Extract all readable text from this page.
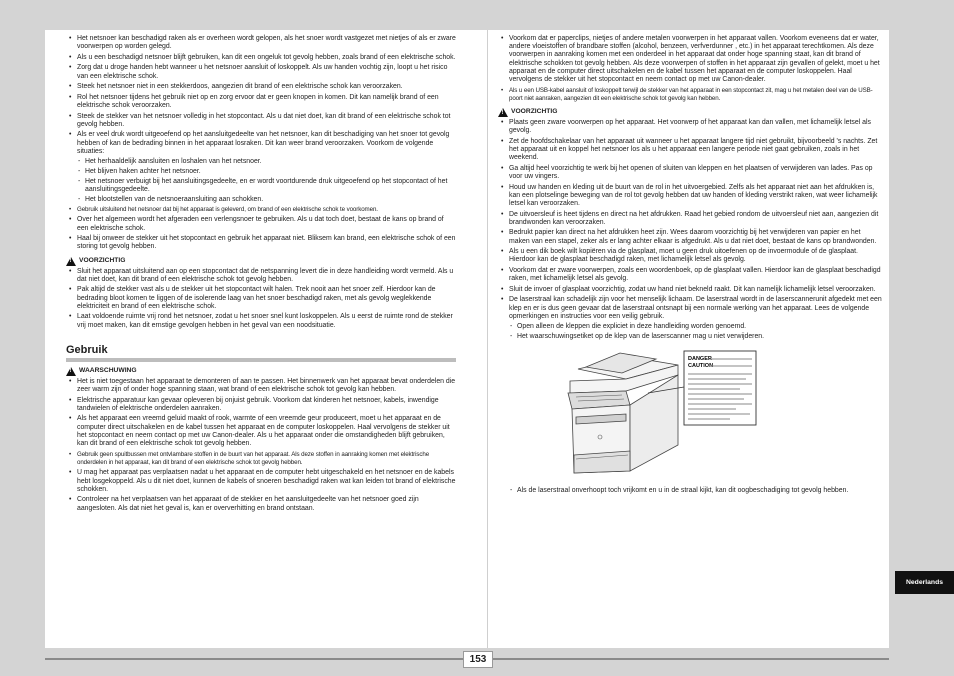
• Het netsnoer kan beschadigd raken als er overheen wordt gelopen, als het snoer wordt vastgezet met nietjes of als er zware voorwerpen op worden gelegd.
• Als u een beschadigd netsnoer blijft gebruiken, kan dit een ongeluk tot gevolg hebben, zoals brand of een elektrische schok.
• Zorg dat u droge handen hebt wanneer u het netsnoer aansluit of loskoppelt. Als uw handen vochtig zijn, loopt u het risico van een elektrische schok.
• Steek het netsnoer niet in een stekkerdoos, aangezien dit brand of een elektrische schok kan veroorzaken.
• Rol het netsnoer tijdens het gebruik niet op en zorg ervoor dat er geen knopen in komen. Dit kan namelijk brand of een elektrische schok veroorzaken.
• Steek de stekker van het netsnoer volledig in het stopcontact. Als u dat niet doet, kan dit brand of een elektrische schok tot gevolg hebben.
• Als er veel druk wordt uitgeoefend op het aansluitgedeelte van het netsnoer, kan dit beschadiging van het snoer tot gevolg hebben of kan de bedrading binnen in het apparaat losraken. Dit kan weer brand veroorzaken. Voorkom de volgende situaties:
- Het herhaaldelijk aansluiten en loshalen van het netsnoer.
- Het blijven haken achter het netsnoer.
- Het netsnoer verbuigt bij het aansluitingsgedeelte, en er wordt voortdurende druk uitgeoefend op het stopcontact of het aansluitingsgedeelte.
- Het blootstellen van de netsnoeraansluiting aan schokken.
• Gebruik uitsluitend het netsnoer dat bij het apparaat is geleverd, om brand of een elektrische schok te voorkomen.
• Over het algemeen wordt het afgeraden een verlengsnoer te gebruiken. Als u dat toch doet, bestaat de kans op brand of een elektrische schok.
• Haal bij onweer de stekker uit het stopcontact en gebruik het apparaat niet. Bliksem kan brand, een elektrische schok of een storing tot gevolg hebben.
!
VOORZICHTIG
• Sluit het apparaat uitsluitend aan op een stopcontact dat de netspanning levert die in deze handleiding wordt vermeld. Als u dat niet doet, kan dit brand of een elektrische schok tot gevolg hebben.
• Pak altijd de stekker vast als u de stekker uit het stopcontact wilt halen. Trek nooit aan het snoer zelf. Hierdoor kan de bedrading bloot komen te liggen of de isolerende laag van het snoer beschadigd raken, met als gevolg weglekkende elektriciteit en brand of een elektrische schok.
• Laat voldoende ruimte vrij rond het netsnoer, zodat u het snoer snel kunt loskoppelen. Als u eerst de ruimte rond de stekker vrij moet maken, kan dit ernstige gevolgen hebben in het geval van een noodsituatie.
Gebruik
!
WAARSCHUWING
• Het is niet toegestaan het apparaat te demonteren of aan te passen. Het binnenwerk van het apparaat bevat onderdelen die zeer warm zijn of onder hoge spanning staan, wat brand of een elektrische schok tot gevolg kan hebben.
• Elektrische apparatuur kan gevaar opleveren bij onjuist gebruik. Voorkom dat kinderen het netsnoer, kabels, inwendige tandwielen of elektrische onderdelen aanraken.
• Als het apparaat een vreemd geluid maakt of rook, warmte of een vreemde geur produceert, moet u het apparaat en de computer direct uitschakelen en de kabel tussen het apparaat en de computer loskoppelen. Haal vervolgens de stekker uit het stopcontact en neem contact op met uw Canon-dealer. Als u het apparaat onder die omstandigheden blijft gebruiken, kan dit brand of een elektrische schok tot gevolg hebben.
• Gebruik geen spuitbussen met ontvlambare stoffen in de buurt van het apparaat. Als deze stoffen in aanraking komen met elektrische onderdelen in het apparaat, kan dit brand of een elektrische schok tot gevolg hebben.
• U mag het apparaat pas verplaatsen nadat u het apparaat en de computer hebt uitgeschakeld en het netsnoer en de kabels hebt losgekoppeld. Als u dit niet doet, kunnen de kabels of snoeren beschadigd raken wat kan leiden tot brand of elektrische schokken.
• Controleer na het verplaatsen van het apparaat of de stekker en het aansluitgedeelte van het netsnoer goed zijn aangesloten. Als dat niet het geval is, kan er oververhitting en brand ontstaan.
• Voorkom dat er paperclips, nietjes of andere metalen voorwerpen in het apparaat vallen. Voorkom eveneens dat er water, andere vloeistoffen of brandbare stoffen (alcohol, benzeen, verfverdunner , etc.) in het apparaat terechtkomen. Als deze voorwerpen in aanraking komen met een onderdeel in het apparaat dat onder hoge spanning staat, kan dit brand of elektrische schokken tot gevolg hebben. Als deze voorwerpen of stoffen in het apparaat zijn gevallen of gelekt, moet u het apparaat en de computer direct uitschakelen en de kabel tussen het apparaat en de computer loskoppelen. Haal vervolgens de stekker uit het stopcontact en neem contact op met uw Canon-dealer.
• Als u een USB-kabel aansluit of loskoppelt terwijl de stekker van het apparaat in een stopcontact zit, mag u het metalen deel van de USB-poort niet aanraken, aangezien dit een elektrische schok tot gevolg kan hebben.
!
VOORZICHTIG
• Plaats geen zware voorwerpen op het apparaat. Het voorwerp of het apparaat kan dan vallen, met lichamelijk letsel als gevolg.
• Zet de hoofdschakelaar van het apparaat uit wanneer u het apparaat langere tijd niet gebruikt, bijvoorbeeld 's nachts. Zet het apparaat uit en koppel het netsnoer los als u het apparaat een langere periode niet gaat gebruiken, zoals in het weekend.
• Ga altijd heel voorzichtig te werk bij het openen of sluiten van kleppen en het plaatsen of verwijderen van lades. Pas op voor uw vingers.
• Houd uw handen en kleding uit de buurt van de rol in het uitvoergebied. Zelfs als het apparaat niet aan het afdrukken is, kan een plotselinge beweging van de rol tot gevolg hebben dat uw handen of kleding verstrikt raken, wat weer lichamelijk letsel kan veroorzaken.
• De uitvoersleuf is heet tijdens en direct na het afdrukken. Raad het gebied rondom de uitvoersleuf niet aan, aangezien dit brandwonden kan veroorzaken.
• Bedrukt papier kan direct na het afdrukken heet zijn. Wees daarom voorzichtig bij het verwijderen van papier en het maken van een stapel, zeker als er lang achter elkaar is afgedrukt. Als u dat niet doet, bestaat de kans op brandwonden.
• Als u een dik boek wilt kopiëren via de glasplaat, moet u geen druk uitoefenen op de invoermodule of de glasplaat. Hierdoor kan de glasplaat beschadigd raken, met lichamelijk letsel als gevolg.
• Voorkom dat er zware voorwerpen, zoals een woordenboek, op de glasplaat vallen. Hierdoor kan de glasplaat beschadigd raken, met lichamelijk letsel als gevolg.
• Sluit de invoer of glasplaat voorzichtig, zodat uw hand niet bekneld raakt. Dit kan namelijk lichamelijk letsel veroorzaken.
• De laserstraal kan schadelijk zijn voor het menselijk lichaam. De laserstraal wordt in de laserscannerunit afgedekt met een klep en er is dus geen gevaar dat de laserstraal ontsnapt bij een normale werking van het apparaat. Lees de volgende opmerkingen en instructies voor een veilig gebruik.
- Open alleen de kleppen die expliciet in deze handleiding worden genoemd.
- Het waarschuwingsetiket op de klep van de laserscanner mag u niet verwijderen.
DANGER
CAUTION
- Als de laserstraal onverhoopt toch vrijkomt en u in de straal kijkt, kan dit oogbeschadiging tot gevolg hebben.
Nederlands
153
